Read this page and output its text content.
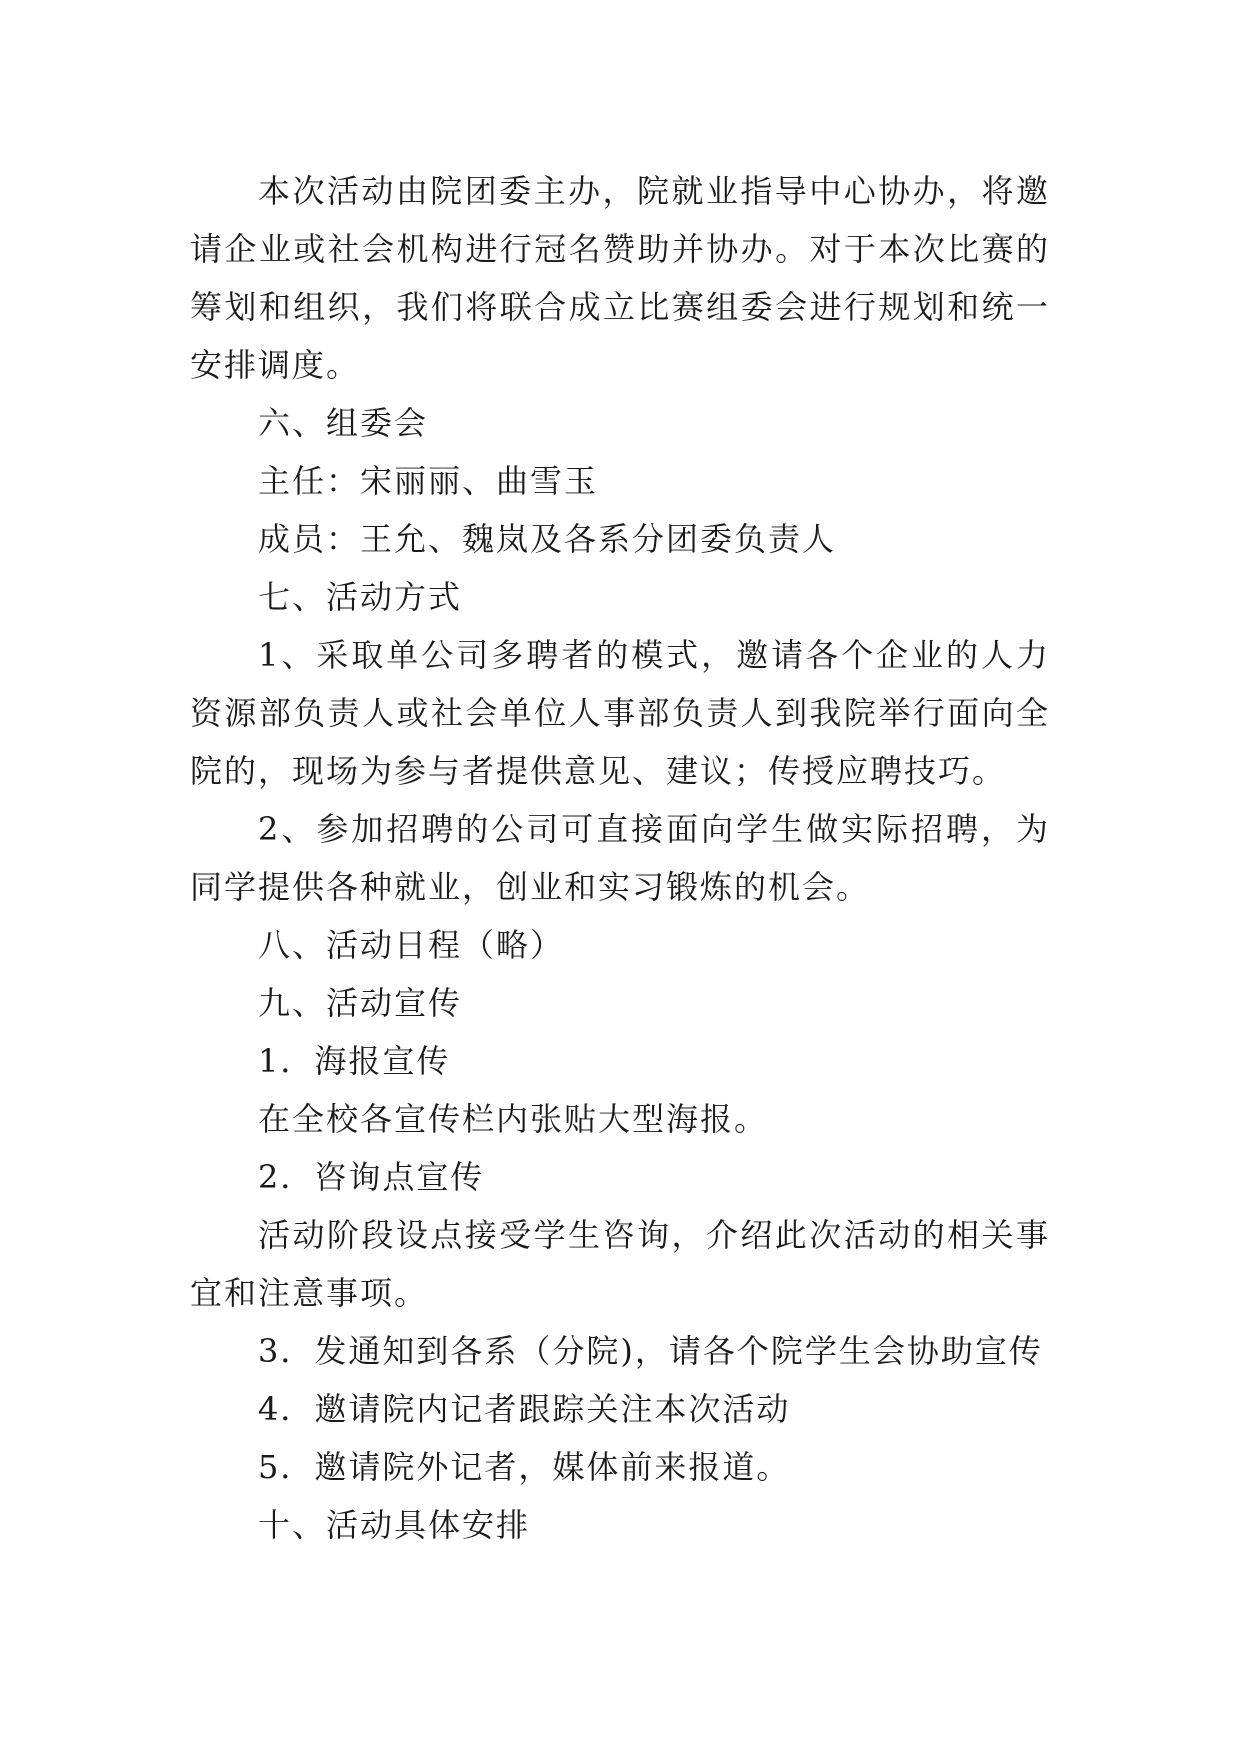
本次活动由院团委主办，院就业指导中心协办，将邀请企业或社会机构进行冠名赞助并协办。对于本次比赛的筹划和组织，我们将联合成立比赛组委会进行规划和统一安排调度。

六、组委会

主任：宋丽丽、曲雪玉

成员：王允、魏岚及各系分团委负责人

七、活动方式

1、采取单公司多聘者的模式，邀请各个企业的人力资源部负责人或社会单位人事部负责人到我院举行面向全院的，现场为参与者提供意见、建议；传授应聘技巧。

2、参加招聘的公司可直接面向学生做实际招聘，为同学提供各种就业，创业和实习锻炼的机会。

八、活动日程（略）

九、活动宣传

1．海报宣传

在全校各宣传栏内张贴大型海报。

2．咨询点宣传

活动阶段设点接受学生咨询，介绍此次活动的相关事宜和注意事项。

3．发通知到各系（分院)，请各个院学生会协助宣传

4．邀请院内记者跟踪关注本次活动

5．邀请院外记者，媒体前来报道。

十、活动具体安排
